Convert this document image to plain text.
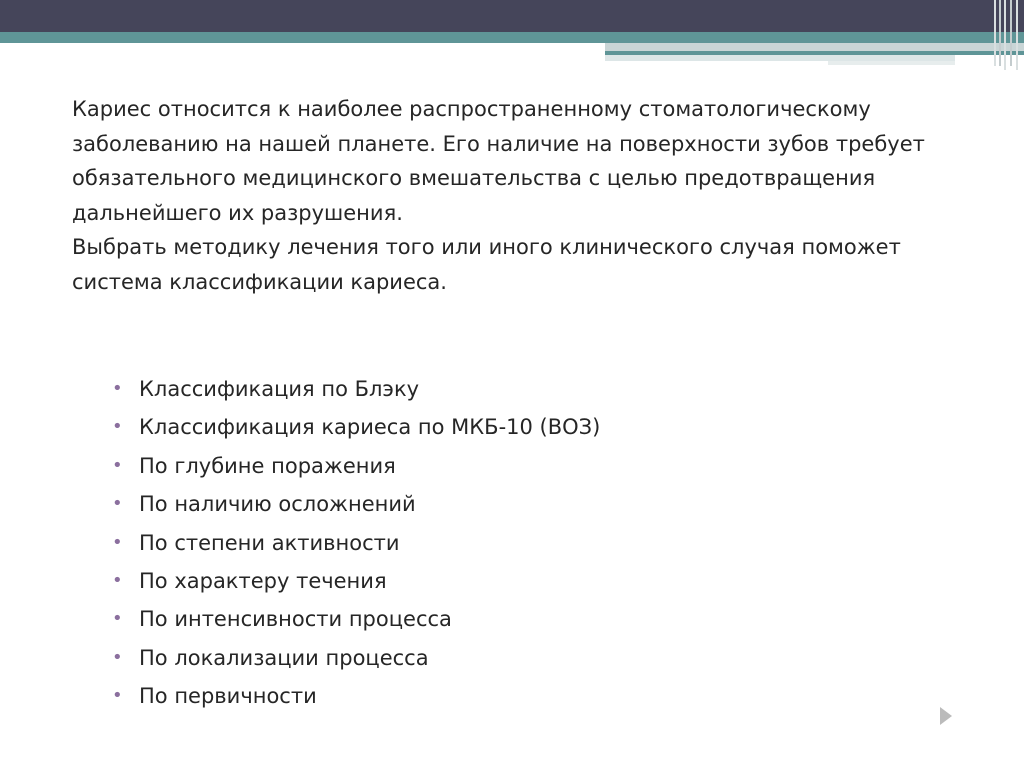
Кариес относится к наиболее распространенному стоматологическому заболеванию на нашей планете. Его наличие на поверхности зубов требует обязательного медицинского вмешательства с целью предотвращения дальнейшего их разрушения.

Выбрать методику лечения того или иного клинического случая поможет система классификации кариеса.

• Классификация по Блэку
• Классификация кариеса по МКБ-10 (ВОЗ)
• По глубине поражения
• По наличию осложнений
• По степени активности
• По характеру течения
• По интенсивности процесса
• По локализации процесса
• По первичности
